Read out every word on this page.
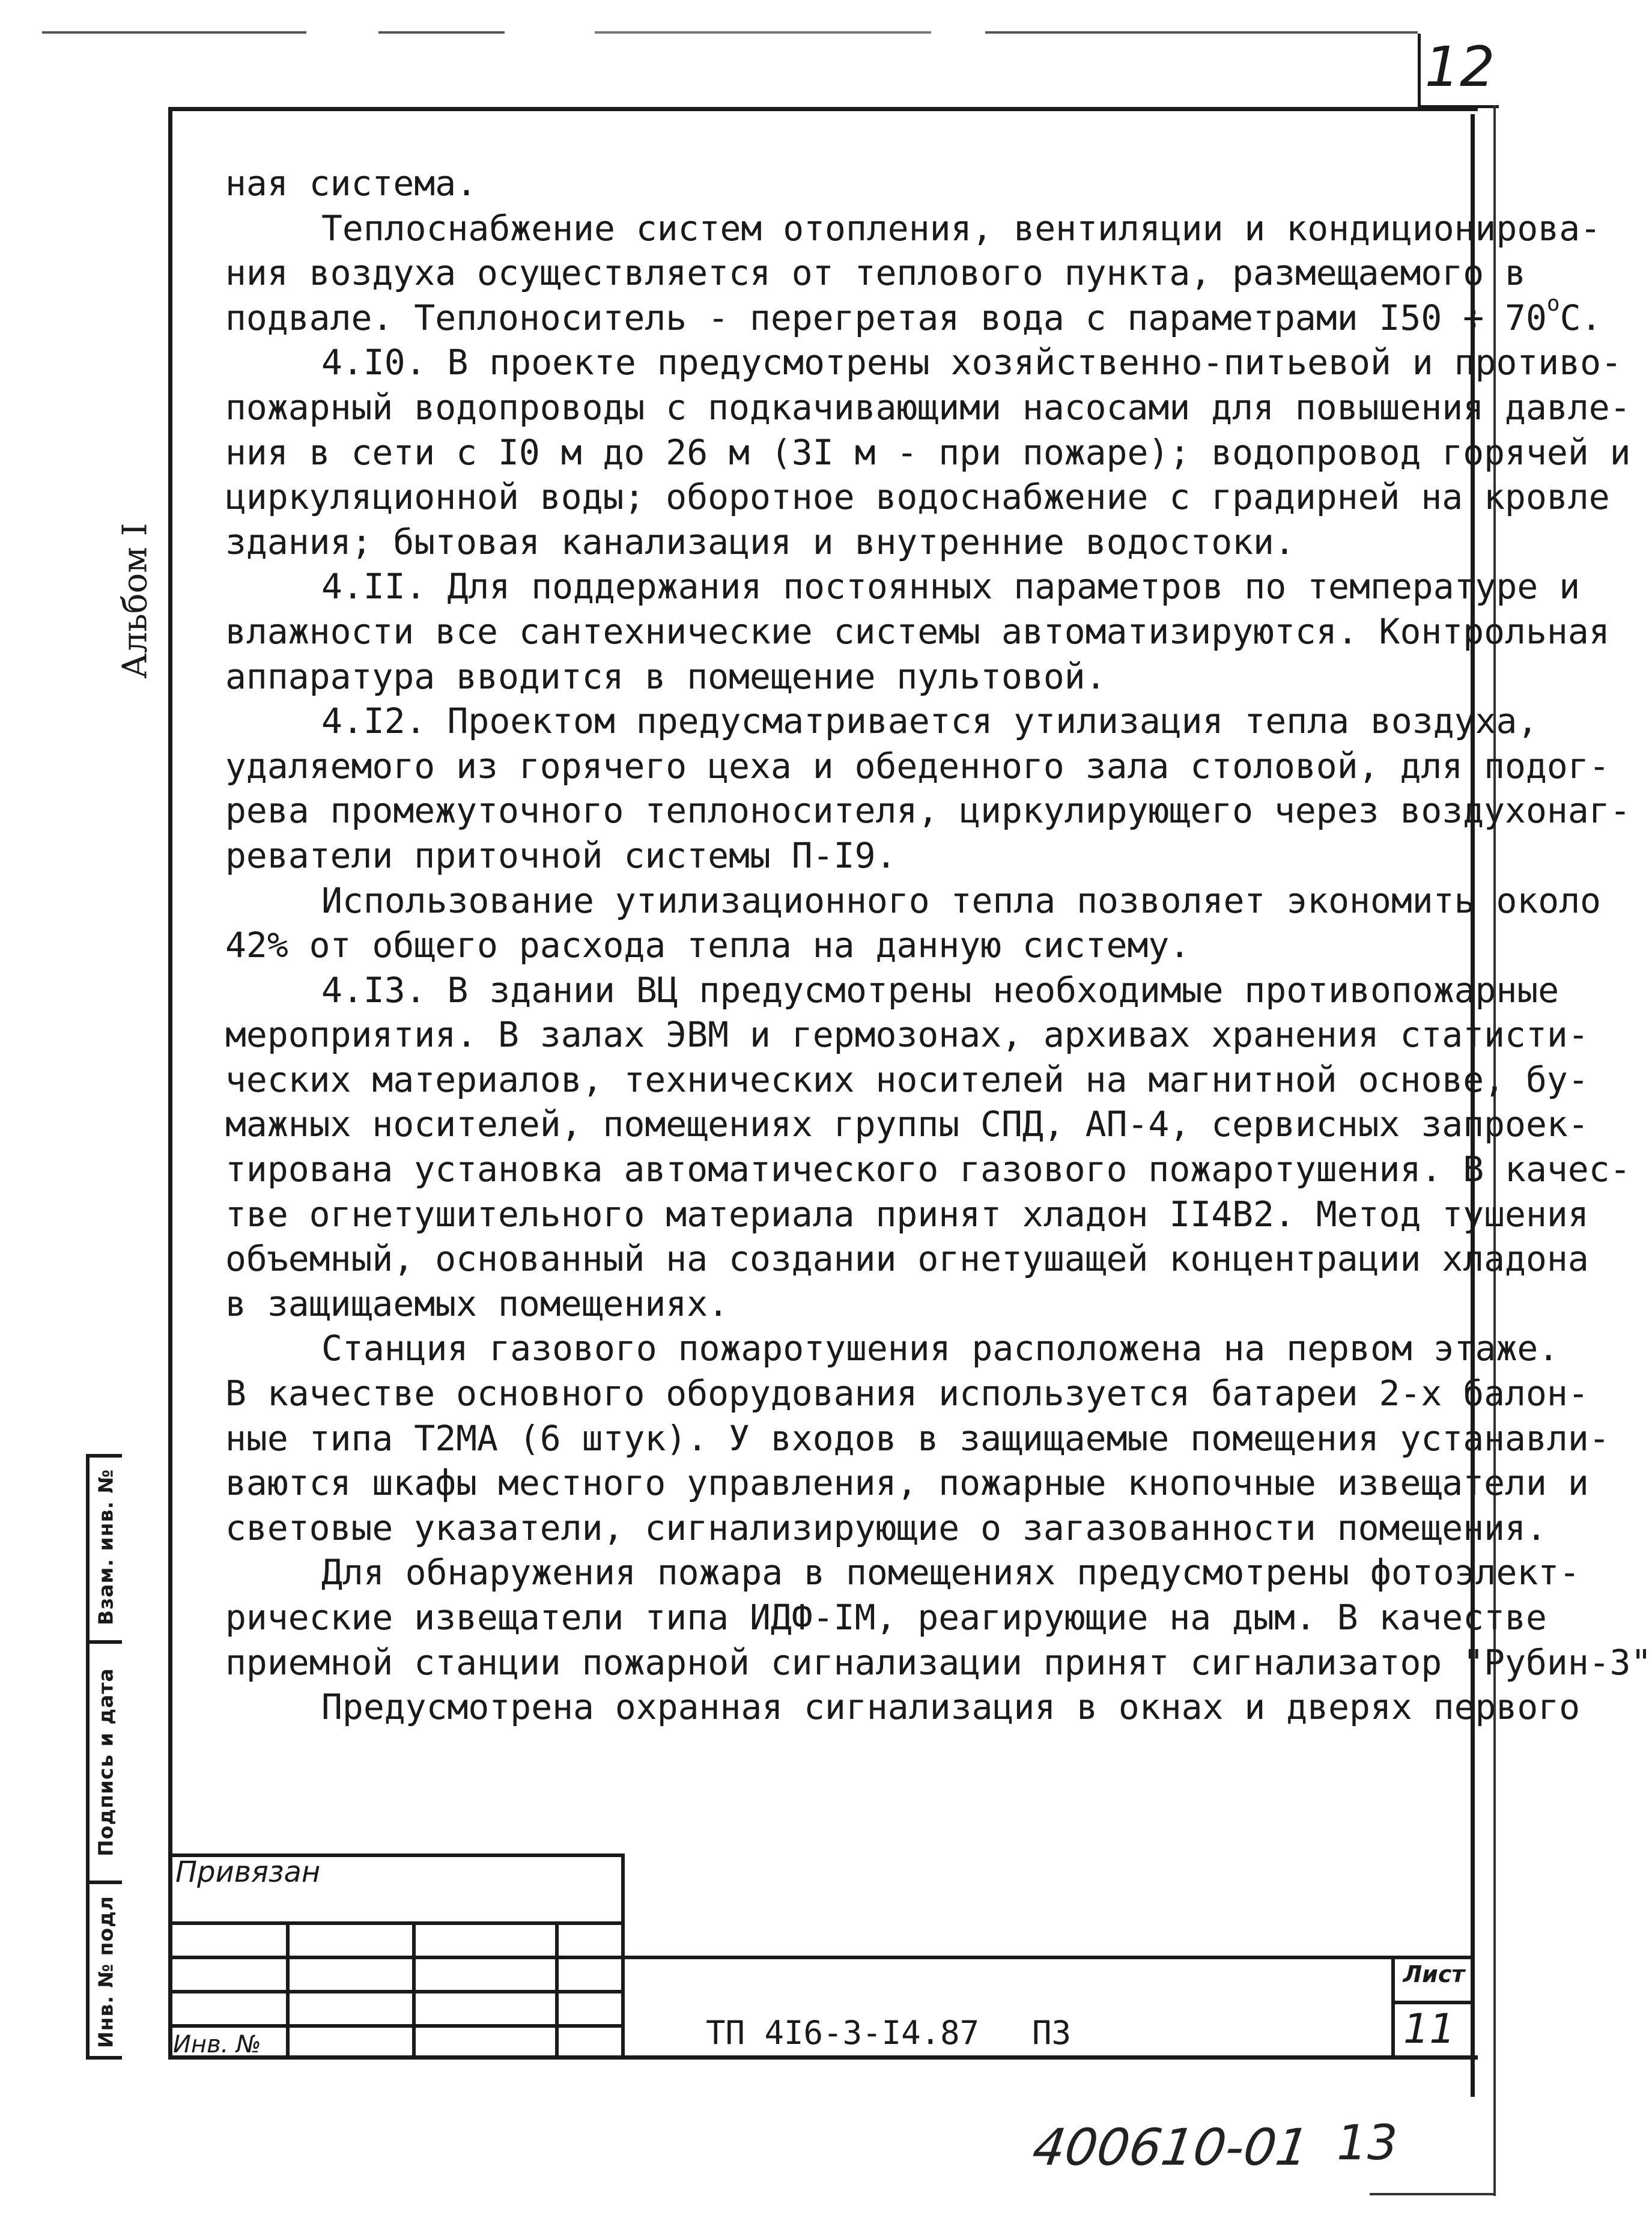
12
Альбом I

ная система.

Теплоснабжение систем отопления, вентиляции и кондиционирова-

ния воздуха осуществляется от теплового пункта, размещаемого в

подвале. Теплоноситель - перегретая вода с параметрами $I50 \div 70^oС$.

4.I0. В проекте предусмотрены хозяйственно-питьевой и противо-

пожарный водопроводы с подкачивающими насосами для повышения давле-

ния в сети с I0 м до 26 м (3I м - при пожаре); водопровод горячей и

циркуляционной воды; оборотное водоснабжение с градирней на кровле

здания; бытовая канализация и внутренние водостоки.

4.II. Для поддержания постоянных параметров по температуре и

влажности все сантехнические системы автоматизируются. Контрольная

аппаратура вводится в помещение пультовой.

4.I2. Проектом предусматривается утилизация тепла воздуха,

удаляемого из горячего цеха и обеденного зала столовой, для подог-

рева промежуточного теплоносителя, циркулирующего через воздухонаг-

реватели приточной системы П-I9.

Использование утилизационного тепла позволяет экономить около

42% от общего расхода тепла на данную систему.

4.I3. В здании ВЦ предусмотрены необходимые противопожарные

мероприятия. В залах ЭВМ и гермозонах, архивах хранения статисти-

ческих материалов, технических носителей на магнитной основе, бу-

мажных носителей, помещениях группы СПД, АП-4, сервисных запроек-

тирована установка автоматического газового пожаротушения. В качес-

тве огнетушительного материала принят хладон II4В2. Метод тушения

объемный, основанный на создании огнетушащей концентрации хладона

в защищаемых помещениях.

Станция газового пожаротушения расположена на первом этаже.

В качестве основного оборудования используется батареи 2-х балон-

ные типа Т2МА (6 штук). У входов в защищаемые помещения устанавли-

ваются шкафы местного управления, пожарные кнопочные извещатели и

световые указатели, сигнализирующие о загазованности помещения.

Для обнаружения пожара в помещениях предусмотрены фотоэлект-

рические извещатели типа ИДФ-IМ, реагирующие на дым. В качестве

приемной станции пожарной сигнализации принят сигнализатор "Рубин-3"

Предусмотрена охранная сигнализация в окнах и дверях первого

Взам. инв. №
Подпись и дата
Инв. № подл
Привязан
Инв. №	ТП 4I6-3-I4.87 ПЗ
Лист
11
400610-01 13
